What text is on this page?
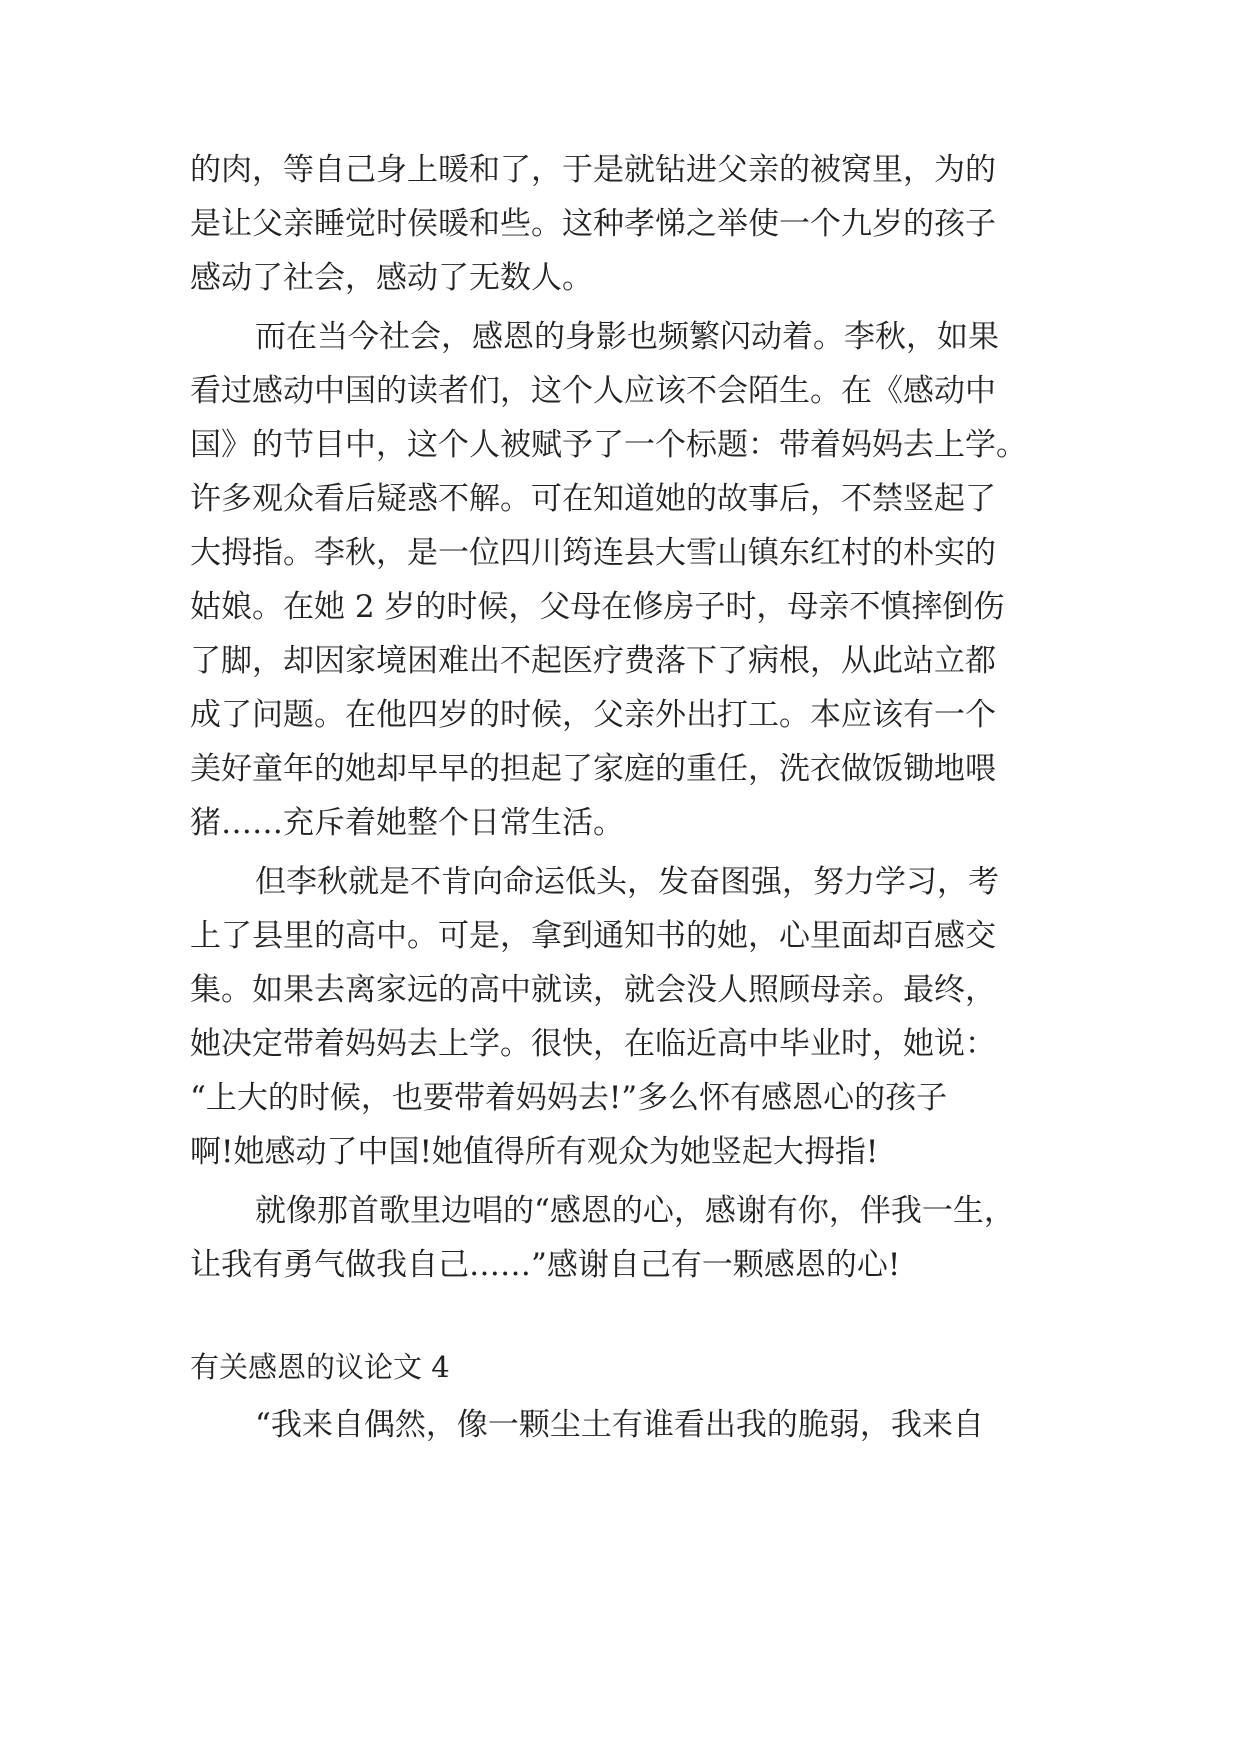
的肉，等自己身上暖和了，于是就钻进父亲的被窝里，为的
是让父亲睡觉时侯暖和些。这种孝悌之举使一个九岁的孩子
感动了社会，感动了无数人。
而在当今社会，感恩的身影也频繁闪动着。李秋，如果
看过感动中国的读者们，这个人应该不会陌生。在《感动中
国》的节目中，这个人被赋予了一个标题：带着妈妈去上学。
许多观众看后疑惑不解。可在知道她的故事后，不禁竖起了
大拇指。李秋，是一位四川筠连县大雪山镇东红村的朴实的
姑娘。在她 2 岁的时候，父母在修房子时，母亲不慎摔倒伤
了脚，却因家境困难出不起医疗费落下了病根，从此站立都
成了问题。在他四岁的时候，父亲外出打工。本应该有一个
美好童年的她却早早的担起了家庭的重任，洗衣做饭锄地喂
猪……充斥着她整个日常生活。
但李秋就是不肯向命运低头，发奋图强，努力学习，考
上了县里的高中。可是，拿到通知书的她，心里面却百感交
集。如果去离家远的高中就读，就会没人照顾母亲。最终，
她决定带着妈妈去上学。很快，在临近高中毕业时，她说：
“上大的时候，也要带着妈妈去!”多么怀有感恩心的孩子
啊!她感动了中国!她值得所有观众为她竖起大拇指!
就像那首歌里边唱的“感恩的心，感谢有你，伴我一生，
让我有勇气做我自己……”感谢自己有一颗感恩的心!
有关感恩的议论文 4
“我来自偶然，像一颗尘土有谁看出我的脆弱，我来自
